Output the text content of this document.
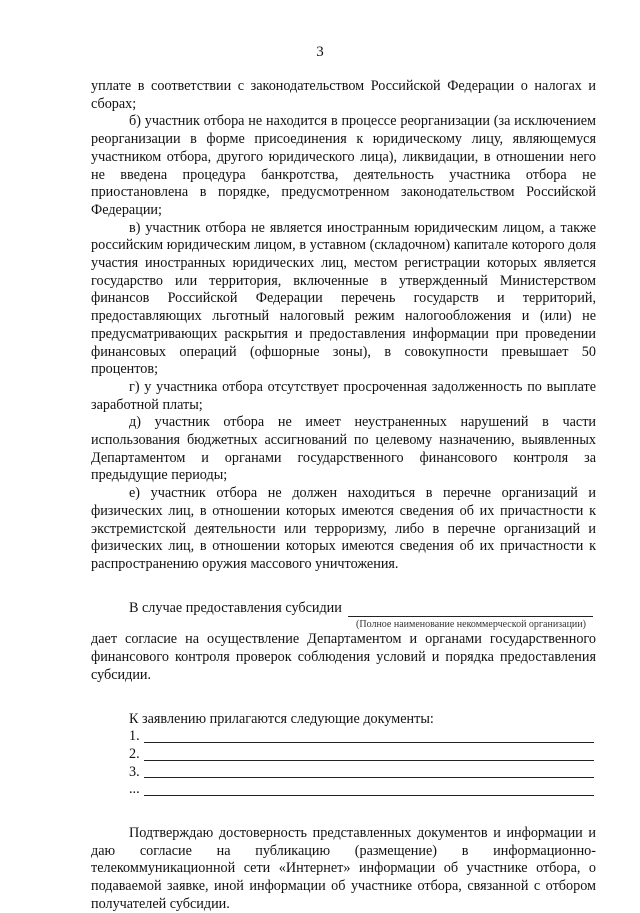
3

уплате в соответствии с законодательством Российской Федерации о налогах и сборах;

б) участник отбора не находится в процессе реорганизации (за исключением реорганизации в форме присоединения к юридическому лицу, являющемуся участником отбора, другого юридического лица), ликвидации, в отношении него не введена процедура банкротства, деятельность участника отбора не приостановлена в порядке, предусмотренном законодательством Российской Федерации;

в) участник отбора не является иностранным юридическим лицом, а также российским юридическим лицом, в уставном (складочном) капитале которого доля участия иностранных юридических лиц, местом регистрации которых является государство или территория, включенные в утвержденный Министерством финансов Российской Федерации перечень государств и территорий, предоставляющих льготный налоговый режим налогообложения и (или) не предусматривающих раскрытия и предоставления информации при проведении финансовых операций (офшорные зоны), в совокупности превышает 50 процентов;

г) у участника отбора отсутствует просроченная задолженность по выплате заработной платы;

д) участник отбора не имеет неустраненных нарушений в части использования бюджетных ассигнований по целевому назначению, выявленных Департаментом и органами государственного финансового контроля за предыдущие периоды;

е) участник отбора не должен находиться в перечне организаций и физических лиц, в отношении которых имеются сведения об их причастности к экстремистской деятельности или терроризму, либо в перечне организаций и физических лиц, в отношении которых имеются сведения об их причастности к распространению оружия массового уничтожения.

В случае предоставления субсидии
(Полное наименование некоммерческой организации)

дает согласие на осуществление Департаментом и органами государственного финансового контроля проверок соблюдения условий и порядка предоставления субсидии.

К заявлению прилагаются следующие документы:
1.
2.
3.
...

Подтверждаю достоверность представленных документов и информации и даю согласие на публикацию (размещение) в информационно-телекоммуникационной сети «Интернет» информации об участнике отбора, о подаваемой заявке, иной информации об участнике отбора, связанной с отбором получателей субсидии.
